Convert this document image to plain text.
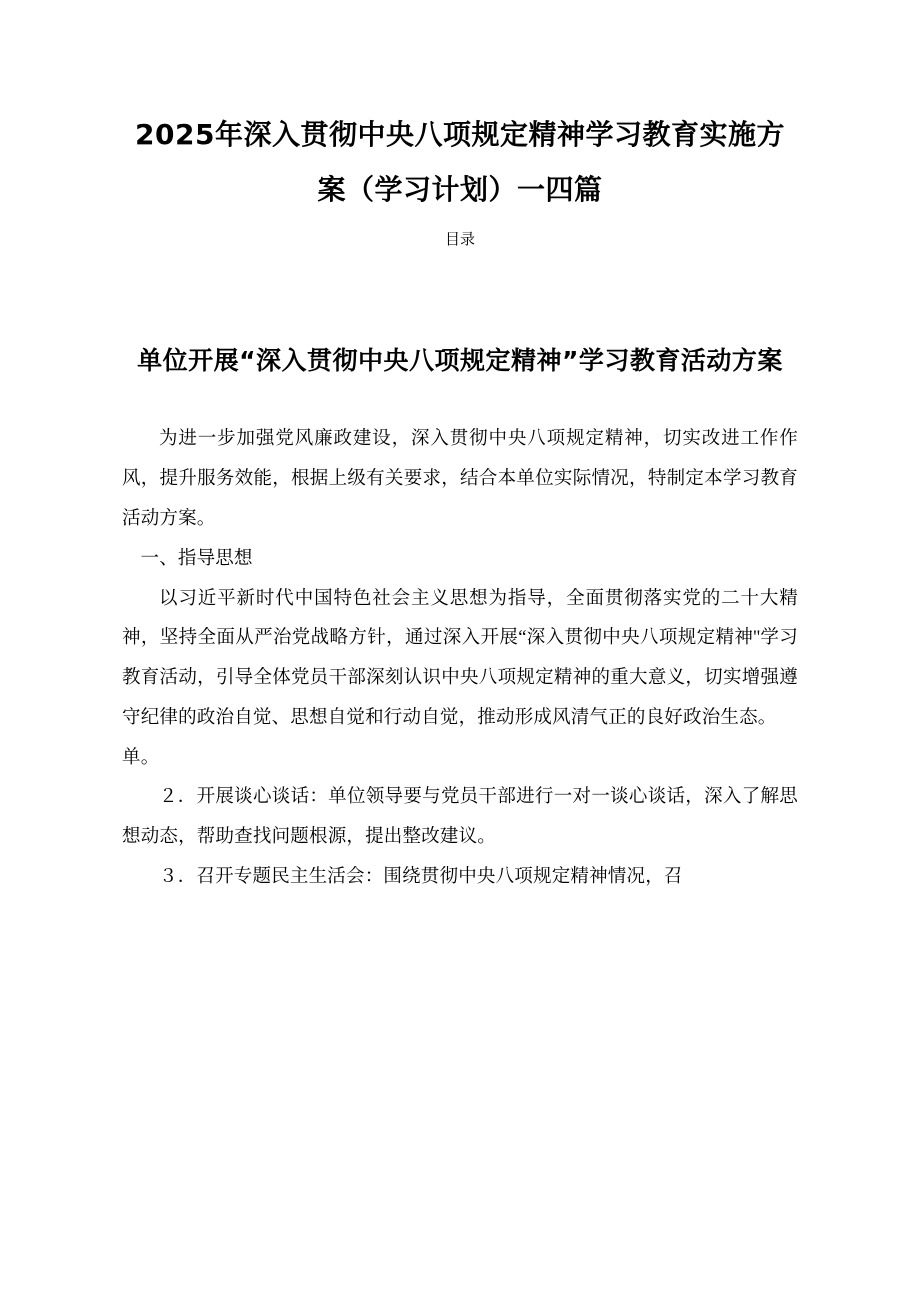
2025年深入贯彻中央八项规定精神学习教育实施方案（学习计划）一四篇
目录
单位开展“深入贯彻中央八项规定精神”学习教育活动方案

为进一步加强党风廉政建设，深入贯彻中央八项规定精神，切实改进工作作风，提升服务效能，根据上级有关要求，结合本单位实际情况，特制定本学习教育活动方案。

一、指导思想

以习近平新时代中国特色社会主义思想为指导，全面贯彻落实党的二十大精神，坚持全面从严治党战略方针，通过深入开展“深入贯彻中央八项规定精神''学习教育活动，引导全体党员干部深刻认识中央八项规定精神的重大意义，切实增强遵守纪律的政治自觉、思想自觉和行动自觉，推动形成风清气正的良好政治生态。

单。

２．开展谈心谈话：单位领导要与党员干部进行一对一谈心谈话，深入了解思想动态，帮助查找问题根源，提出整改建议。

３．召开专题民主生活会：围绕贯彻中央八项规定精神情况，召
